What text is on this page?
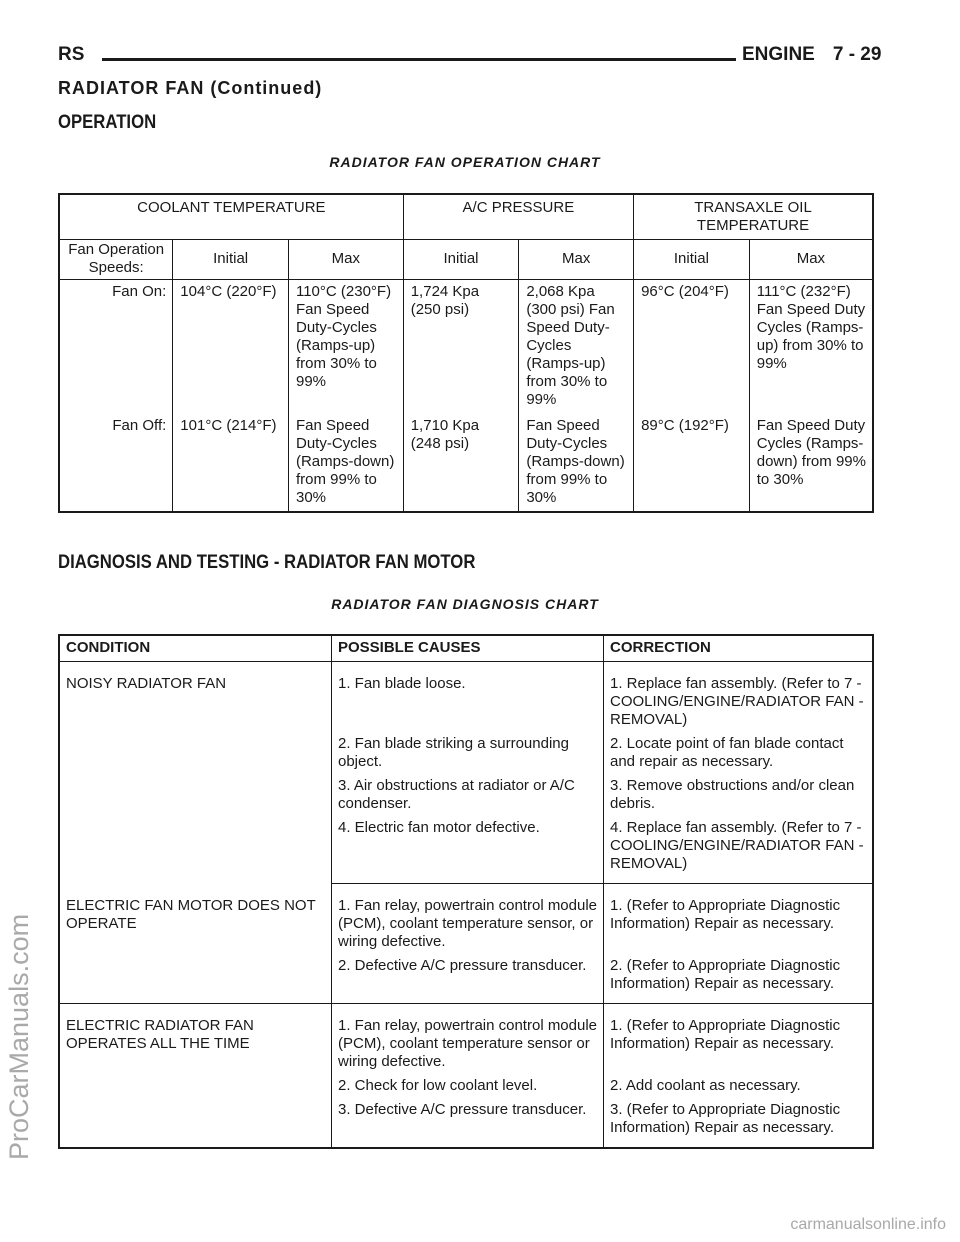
RS	ENGINE 7 - 29
RADIATOR FAN (Continued)
OPERATION
RADIATOR FAN OPERATION CHART
COOLANT TEMPERATURE			A/C PRESSURE		TRANSAXLE OIL TEMPERATURE	
Fan Operation Speeds:	Initial	Max	Initial	Max	Initial	Max
Fan On:	104°C (220°F)	110°C (230°F) Fan Speed Duty-Cycles (Ramps-up) from 30% to 99%	1,724 Kpa (250 psi)	2,068 Kpa (300 psi) Fan Speed Duty-Cycles (Ramps-up) from 30% to 99%	96°C (204°F)	111°C (232°F) Fan Speed Duty Cycles (Ramps-up) from 30% to 99%
Fan Off:	101°C (214°F)	Fan Speed Duty-Cycles (Ramps-down) from 99% to 30%	1,710 Kpa (248 psi)	Fan Speed Duty-Cycles (Ramps-down) from 99% to 30%	89°C (192°F)	Fan Speed Duty Cycles (Ramps-down) from 99% to 30%
DIAGNOSIS AND TESTING - RADIATOR FAN MOTOR
RADIATOR FAN DIAGNOSIS CHART
CONDITION	POSSIBLE CAUSES	CORRECTION
NOISY RADIATOR FAN	1. Fan blade loose.	1. Replace fan assembly. (Refer to 7 - COOLING/ENGINE/RADIATOR FAN - REMOVAL)
	2. Fan blade striking a surrounding object.	2. Locate point of fan blade contact and repair as necessary.
	3. Air obstructions at radiator or A/C condenser.	3. Remove obstructions and/or clean debris.
	4. Electric fan motor defective.	4. Replace fan assembly. (Refer to 7 - COOLING/ENGINE/RADIATOR FAN - REMOVAL)
ELECTRIC FAN MOTOR DOES NOT OPERATE	1. Fan relay, powertrain control module (PCM), coolant temperature sensor, or wiring defective.	1. (Refer to Appropriate Diagnostic Information) Repair as necessary.
	2. Defective A/C pressure transducer.	2. (Refer to Appropriate Diagnostic Information) Repair as necessary.
ELECTRIC RADIATOR FAN OPERATES ALL THE TIME	1. Fan relay, powertrain control module (PCM), coolant temperature sensor or wiring defective.	1. (Refer to Appropriate Diagnostic Information) Repair as necessary.
	2. Check for low coolant level.	2. Add coolant as necessary.
	3. Defective A/C pressure transducer.	3. (Refer to Appropriate Diagnostic Information) Repair as necessary.
ProCarManuals.com
carmanualsonline.info
